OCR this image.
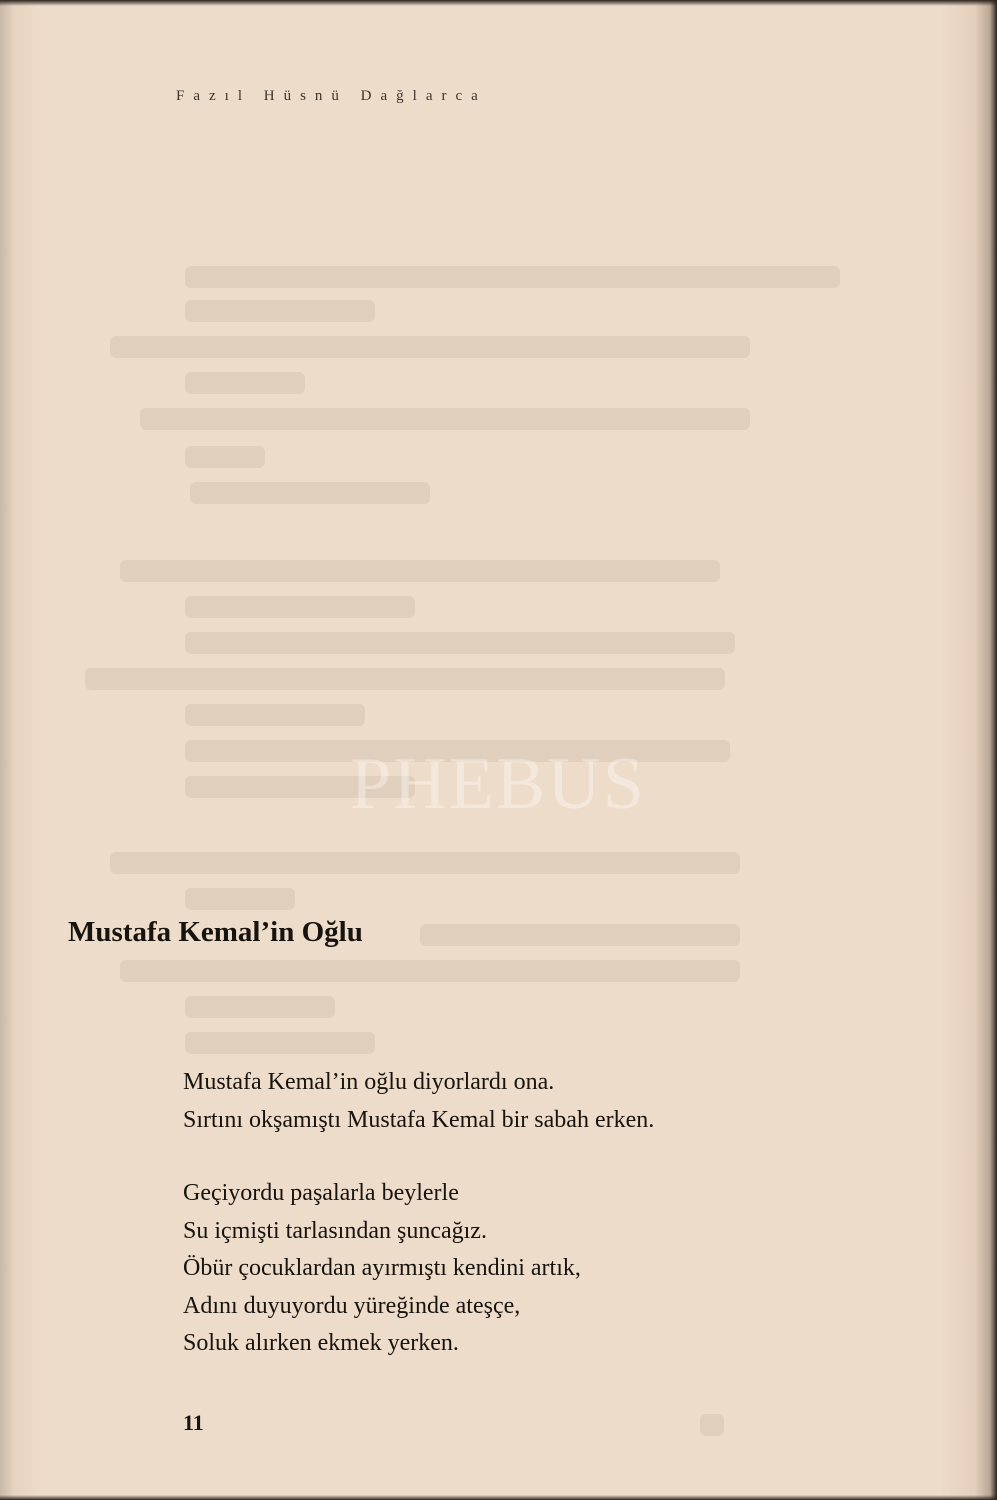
PHEBUS
Fazıl Hüsnü Dağlarca
Mustafa Kemal’in Oğlu
Mustafa Kemal’in oğlu diyorlardı ona.
Sırtını okşamıştı Mustafa Kemal bir sabah erken.
Geçiyordu paşalarla beylerle
Su içmişti tarlasından şuncağız.
Öbür çocuklardan ayırmıştı kendini artık,
Adını duyuyordu yüreğinde ateşçe,
Soluk alırken ekmek yerken.
11
